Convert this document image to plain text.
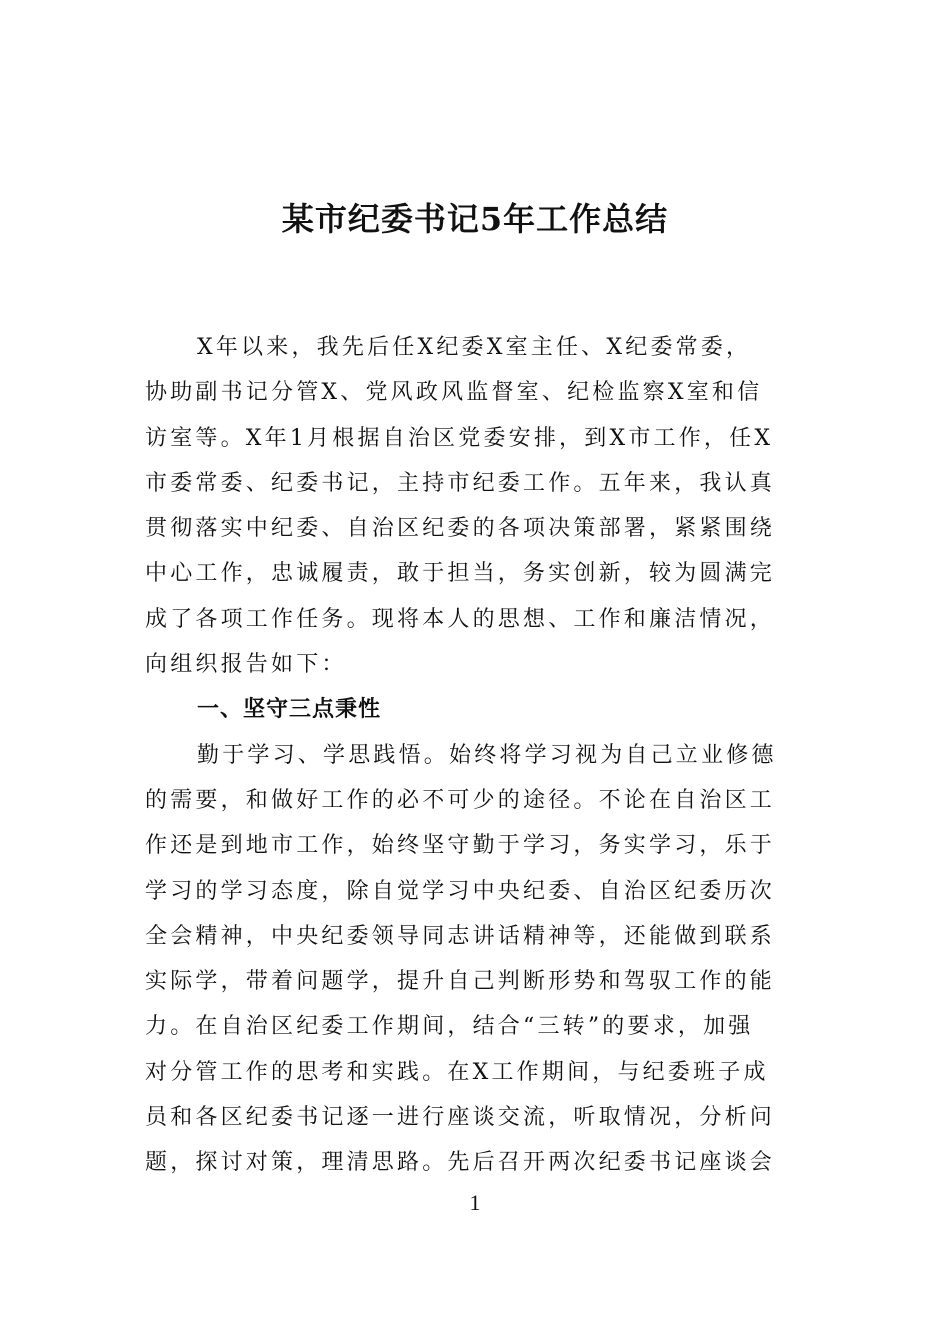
某市纪委书记5年工作总结
X年以来，我先后任X纪委X室主任、X纪委常委，
协助副书记分管X、党风政风监督室、纪检监察X室和信
访室等。X年1月根据自治区党委安排，到X市工作，任X
市委常委、纪委书记，主持市纪委工作。五年来，我认真
贯彻落实中纪委、自治区纪委的各项决策部署，紧紧围绕
中心工作，忠诚履责，敢于担当，务实创新，较为圆满完
成了各项工作任务。现将本人的思想、工作和廉洁情况，
向组织报告如下：
一、坚守三点秉性
勤于学习、学思践悟。始终将学习视为自己立业修德
的需要，和做好工作的必不可少的途径。不论在自治区工
作还是到地市工作，始终坚守勤于学习，务实学习，乐于
学习的学习态度，除自觉学习中央纪委、自治区纪委历次
全会精神，中央纪委领导同志讲话精神等，还能做到联系
实际学，带着问题学，提升自己判断形势和驾驭工作的能
力。在自治区纪委工作期间，结合“三转”的要求，加强
对分管工作的思考和实践。在X工作期间，与纪委班子成
员和各区纪委书记逐一进行座谈交流，听取情况，分析问
题，探讨对策，理清思路。先后召开两次纪委书记座谈会
1
